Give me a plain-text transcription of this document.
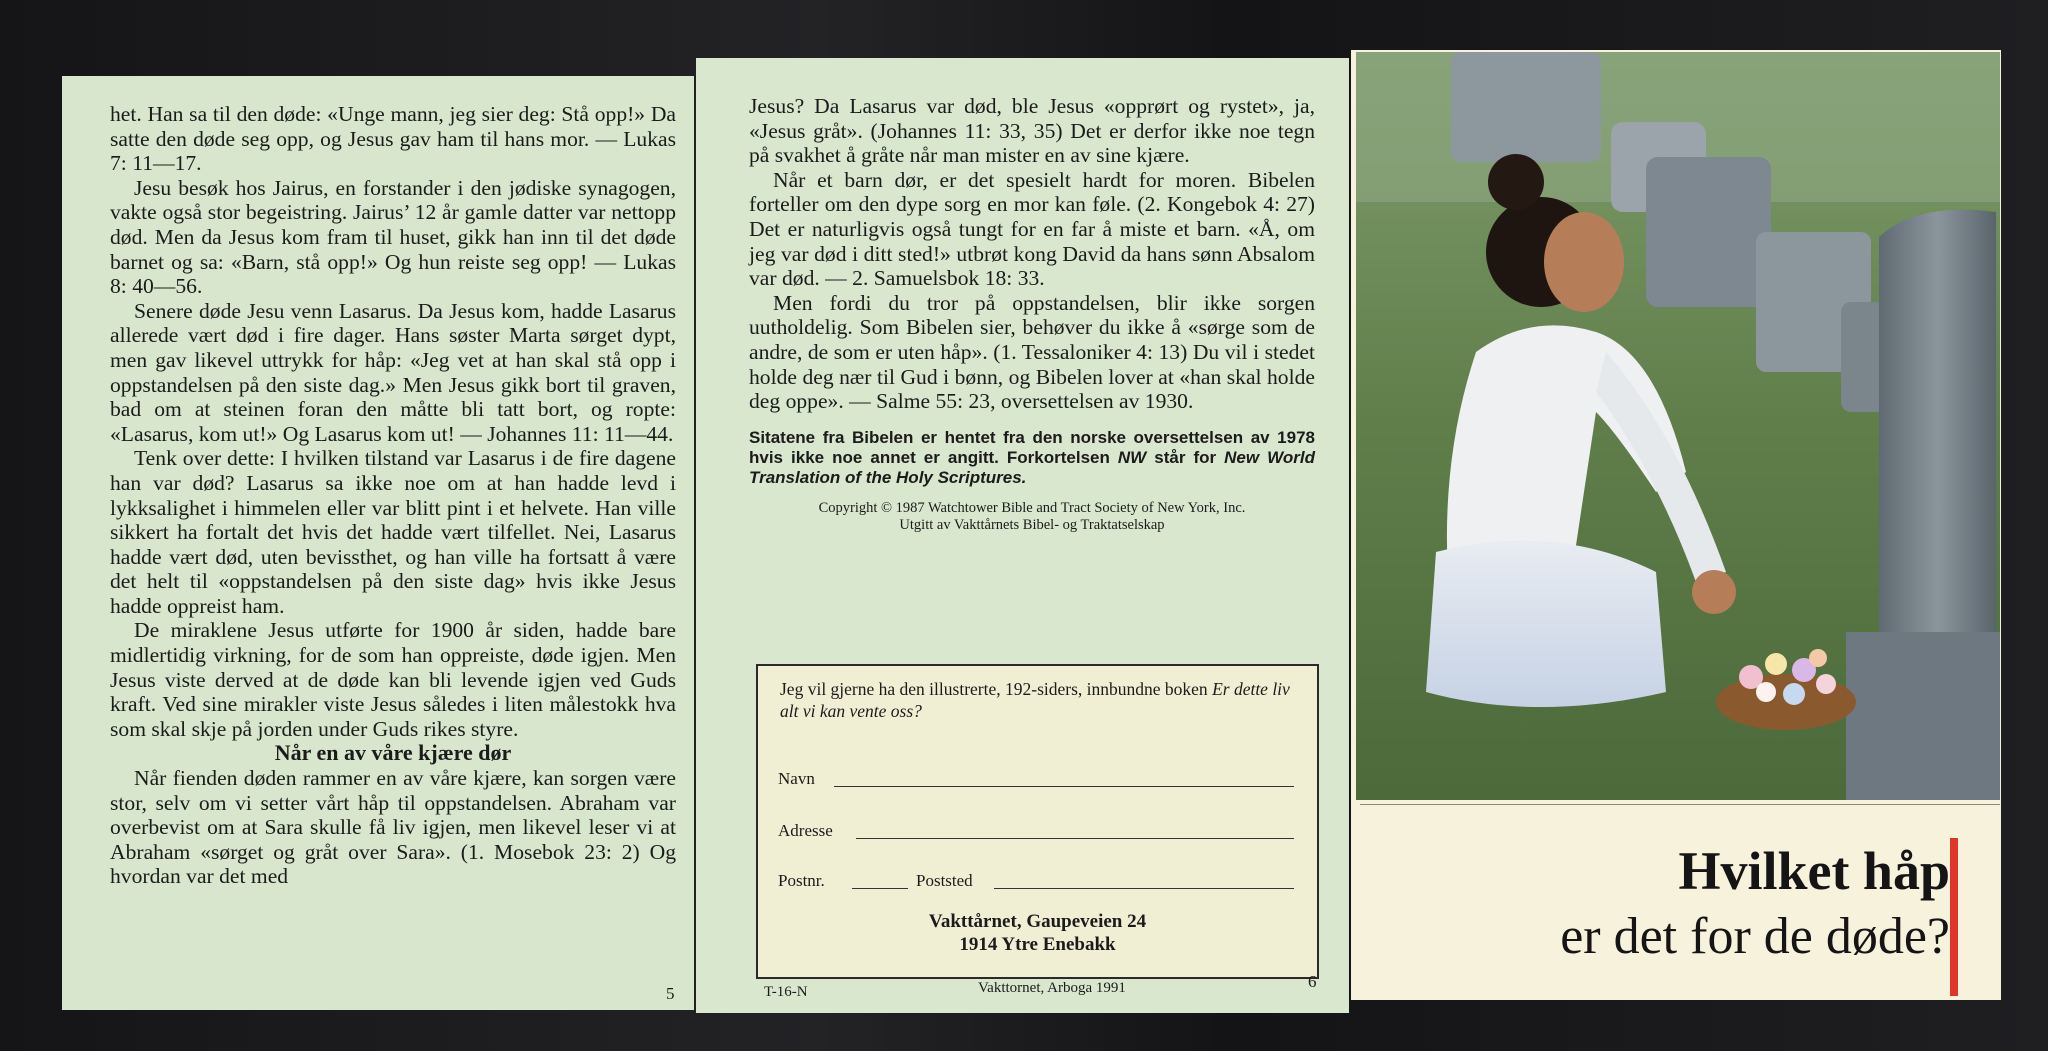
het. Han sa til den døde: «Unge mann, jeg sier deg: Stå opp!» Da satte den døde seg opp, og Jesus gav ham til hans mor. — Lukas 7: 11—17.

Jesu besøk hos Jairus, en forstander i den jødiske synagogen, vakte også stor begeistring. Jairus’ 12 år gamle datter var nettopp død. Men da Jesus kom fram til huset, gikk han inn til det døde barnet og sa: «Barn, stå opp!» Og hun reiste seg opp! — Lukas 8: 40—56.

Senere døde Jesu venn Lasarus. Da Jesus kom, hadde Lasarus allerede vært død i fire dager. Hans søster Marta sørget dypt, men gav likevel uttrykk for håp: «Jeg vet at han skal stå opp i oppstandelsen på den siste dag.» Men Jesus gikk bort til graven, bad om at steinen foran den måtte bli tatt bort, og ropte: «Lasarus, kom ut!» Og Lasarus kom ut! — Johannes 11: 11—44.

Tenk over dette: I hvilken tilstand var Lasarus i de fire dagene han var død? Lasarus sa ikke noe om at han hadde levd i lykksalighet i himmelen eller var blitt pint i et helvete. Han ville sikkert ha fortalt det hvis det hadde vært tilfellet. Nei, Lasarus hadde vært død, uten bevissthet, og han ville ha fortsatt å være det helt til «oppstandelsen på den siste dag» hvis ikke Jesus hadde oppreist ham.

De miraklene Jesus utførte for 1900 år siden, hadde bare midlertidig virkning, for de som han oppreiste, døde igjen. Men Jesus viste derved at de døde kan bli levende igjen ved Guds kraft. Ved sine mirakler viste Jesus således i liten målestokk hva som skal skje på jorden under Guds rikes styre.

Når en av våre kjære dør

Når fienden døden rammer en av våre kjære, kan sorgen være stor, selv om vi setter vårt håp til oppstandelsen. Abraham var overbevist om at Sara skulle få liv igjen, men likevel leser vi at Abraham «sørget og gråt over Sara». (1. Mosebok 23: 2) Og hvordan var det med

5

Jesus? Da Lasarus var død, ble Jesus «opprørt og rystet», ja, «Jesus gråt». (Johannes 11: 33, 35) Det er derfor ikke noe tegn på svakhet å gråte når man mister en av sine kjære.

Når et barn dør, er det spesielt hardt for moren. Bibelen forteller om den dype sorg en mor kan føle. (2. Kongebok 4: 27) Det er naturligvis også tungt for en far å miste et barn. «Å, om jeg var død i ditt sted!» utbrøt kong David da hans sønn Absalom var død. — 2. Samuelsbok 18: 33.

Men fordi du tror på oppstandelsen, blir ikke sorgen uutholdelig. Som Bibelen sier, behøver du ikke å «sørge som de andre, de som er uten håp». (1. Tessaloniker 4: 13) Du vil i stedet holde deg nær til Gud i bønn, og Bibelen lover at «han skal holde deg oppe». — Salme 55: 23, oversettelsen av 1930.

Sitatene fra Bibelen er hentet fra den norske oversettelsen av 1978 hvis ikke noe annet er angitt. Forkortelsen NW står for New World Translation of the Holy Scriptures.
Copyright © 1987 Watchtower Bible and Tract Society of New York, Inc.
Utgitt av Vakttårnets Bibel- og Traktatselskap
Jeg vil gjerne ha den illustrerte, 192-siders, innbundne boken Er dette liv alt vi kan vente oss?
Navn
Adresse
Postnr.	Poststed
Vakttårnet, Gaupeveien 24
1914 Ytre Enebakk
T-16-N	Vakttornet, Arboga 1991	6
Hvilket håp
er det for de døde?
